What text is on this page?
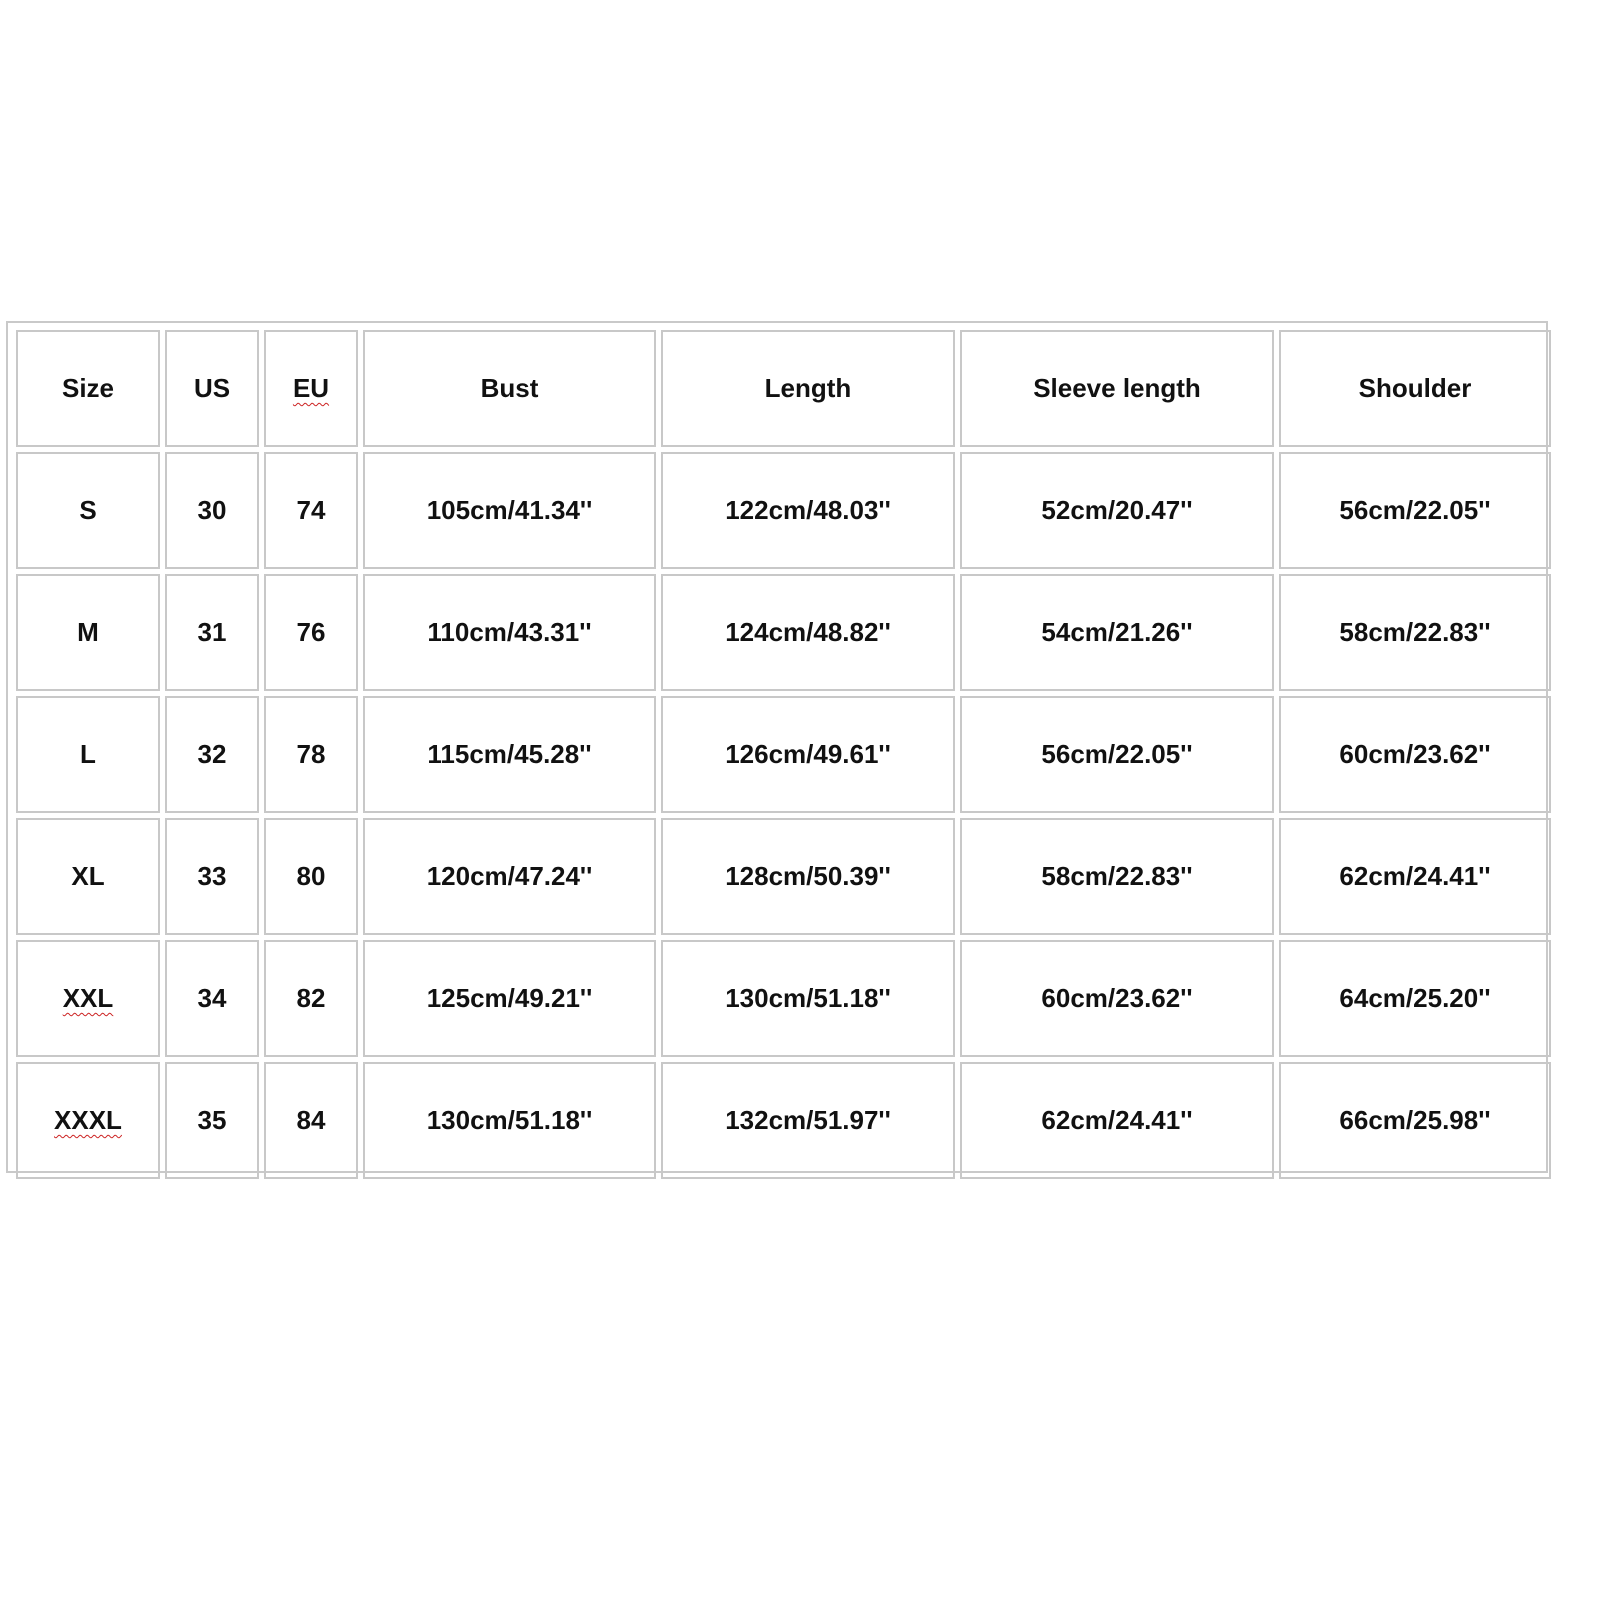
Size	US	EU	Bust	Length	Sleeve length	Shoulder
S	30	74	105cm/41.34''	122cm/48.03''	52cm/20.47''	56cm/22.05''
M	31	76	110cm/43.31''	124cm/48.82''	54cm/21.26''	58cm/22.83''
L	32	78	115cm/45.28''	126cm/49.61''	56cm/22.05''	60cm/23.62''
XL	33	80	120cm/47.24''	128cm/50.39''	58cm/22.83''	62cm/24.41''
XXL	34	82	125cm/49.21''	130cm/51.18''	60cm/23.62''	64cm/25.20''
XXXL	35	84	130cm/51.18''	132cm/51.97''	62cm/24.41''	66cm/25.98''
